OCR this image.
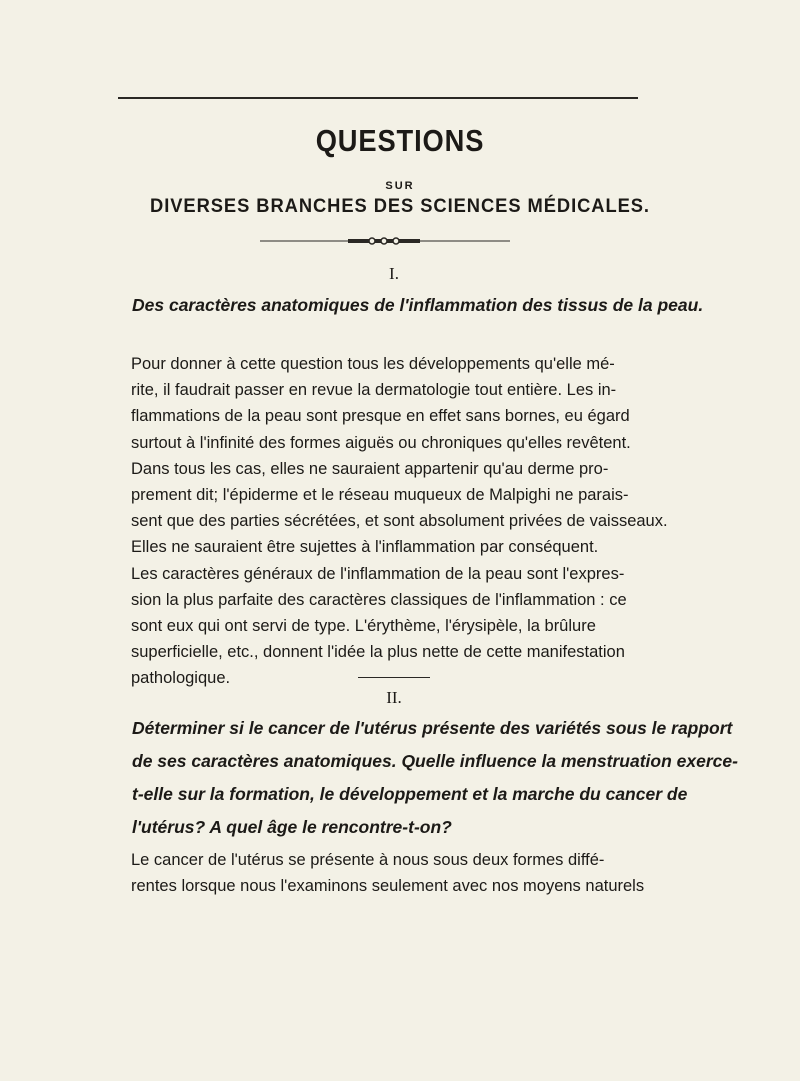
QUESTIONS
SUR
DIVERSES BRANCHES DES SCIENCES MÉDICALES.
I.
Des caractères anatomiques de l'inflammation des tissus de la peau.
Pour donner à cette question tous les développements qu'elle mé-
rite, il faudrait passer en revue la dermatologie tout entière. Les in-
flammations de la peau sont presque en effet sans bornes, eu égard
surtout à l'infinité des formes aiguës ou chroniques qu'elles revêtent.
Dans tous les cas, elles ne sauraient appartenir qu'au derme pro-
prement dit; l'épiderme et le réseau muqueux de Malpighi ne parais-
sent que des parties sécrétées, et sont absolument privées de vaisseaux.
Elles ne sauraient être sujettes à l'inflammation par conséquent.
Les caractères généraux de l'inflammation de la peau sont l'expres-
sion la plus parfaite des caractères classiques de l'inflammation : ce
sont eux qui ont servi de type. L'érythème, l'érysipèle, la brûlure
superficielle, etc., donnent l'idée la plus nette de cette manifestation
pathologique.
II.
Déterminer si le cancer de l'utérus présente des variétés sous le rapport
de ses caractères anatomiques. Quelle influence la menstruation exerce-
t-elle sur la formation, le développement et la marche du cancer de
l'utérus? A quel âge le rencontre-t-on?
Le cancer de l'utérus se présente à nous sous deux formes diffé-
rentes lorsque nous l'examinons seulement avec nos moyens naturels
